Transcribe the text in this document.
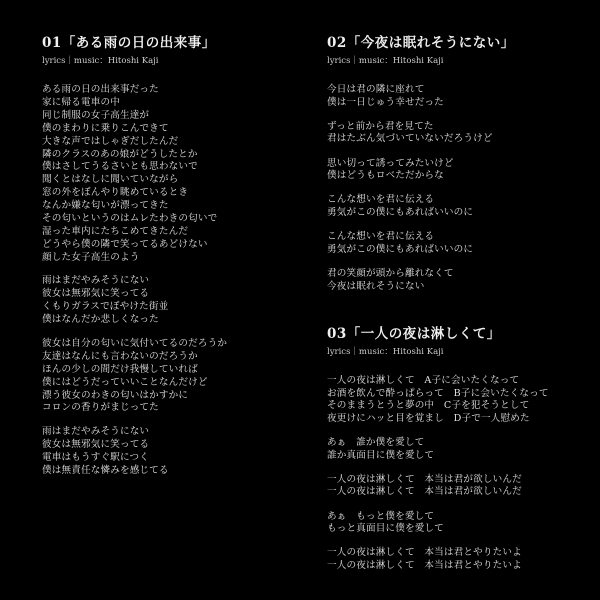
01「ある雨の日の出来事」

lyrics｜music：Hitoshi Kaji

ある雨の日の出来事だった
家に帰る電車の中
同じ制服の女子高生達が
僕のまわりに乗りこんできて
大きな声ではしゃぎだしたんだ
隣のクラスのあの娘がどうしたとか
僕はさしてうるさいとも思わないで
聞くとはなしに聞いていながら
窓の外をぼんやり眺めているとき
なんか嫌な匂いが漂ってきた
その匂いというのはムレたわきの匂いで
湿った車内にたちこめてきたんだ
どうやら僕の隣で笑ってるあどけない
顔した女子高生のよう
雨はまだやみそうにない
彼女は無邪気に笑ってる
くもりガラスでぼやけた街並
僕はなんだか悲しくなった
彼女は自分の匂いに気付いてるのだろうか
友達はなんにも言わないのだろうか
ほんの少しの間だけ我慢していれば
僕にはどうだっていいことなんだけど
漂う彼女のわきの匂いはかすかに
コロンの香りがまじってた
雨はまだやみそうにない
彼女は無邪気に笑ってる
電車はもうすぐ駅につく
僕は無責任な憐みを感じてる
02「今夜は眠れそうにない」

lyrics｜music：Hitoshi Kaji

今日は君の隣に座れて
僕は一日じゅう幸せだった
ずっと前から君を見てた
君はたぶん気づいていないだろうけど
思い切って誘ってみたいけど
僕はどうもロベただからな
こんな想いを君に伝える
勇気がこの僕にもあればいいのに
こんな想いを君に伝える
勇気がこの僕にもあればいいのに
君の笑顔が頭から離れなくて
今夜は眠れそうにない
03「一人の夜は淋しくて」

lyrics｜music：Hitoshi Kaji

一人の夜は淋しくて　A子に会いたくなって
お酒を飲んで酔っぱらって　B子に会いたくなって
そのままうとうと夢の中　C子を犯そうとして
夜更けにハッと目を覚まし　D子で一人慰めた
あぁ　誰か僕を愛して
誰か真面目に僕を愛して
一人の夜は淋しくて　本当は君が欲しいんだ
一人の夜は淋しくて　本当は君が欲しいんだ
あぁ　もっと僕を愛して
もっと真面目に僕を愛して
一人の夜は淋しくて　本当は君とやりたいよ
一人の夜は淋しくて　本当は君とやりたいよ
